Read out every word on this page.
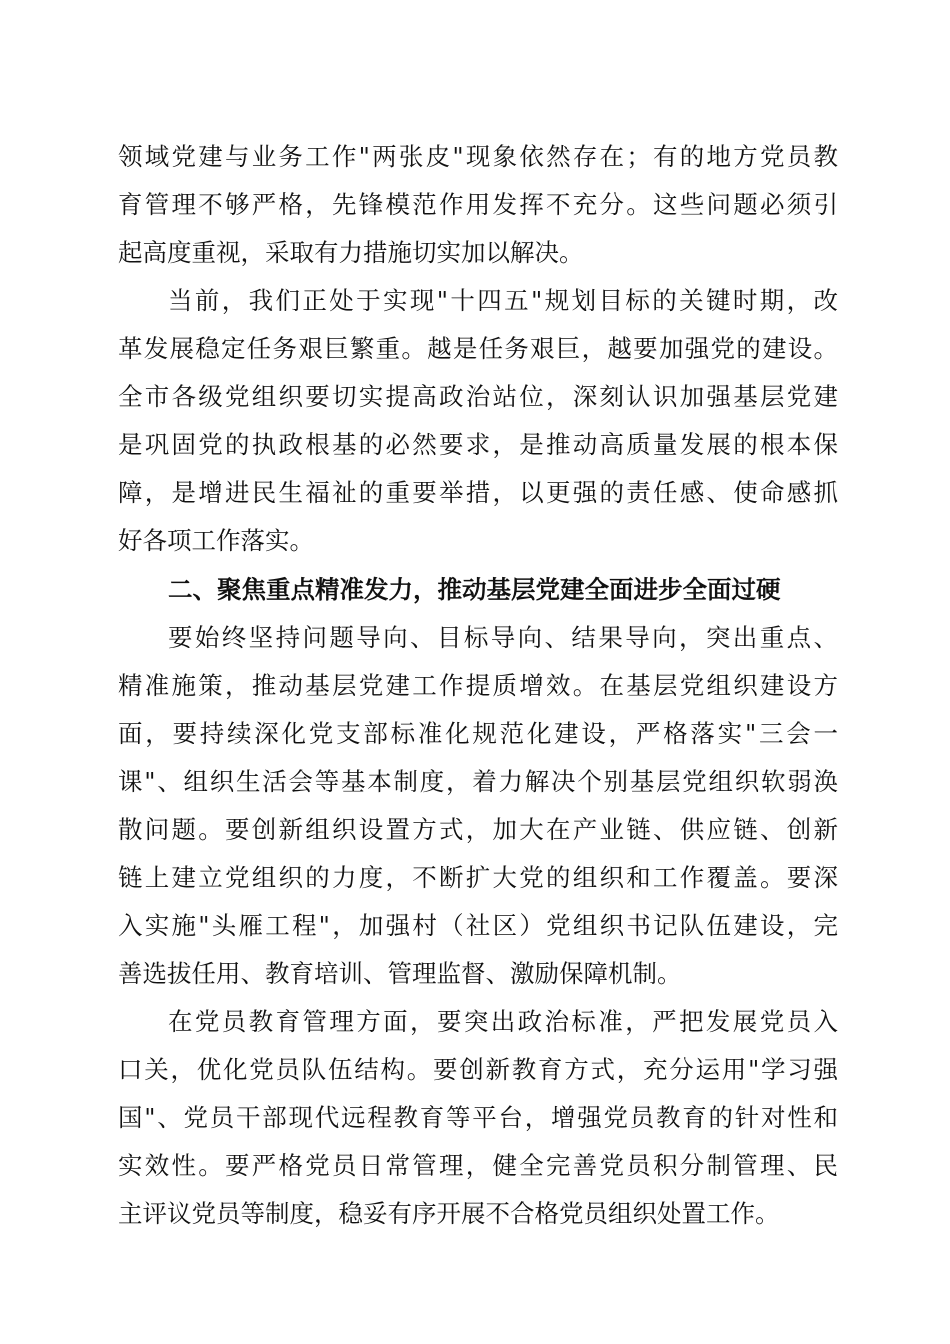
领域党建与业务工作"两张皮"现象依然存在；有的地方党员教
育管理不够严格，先锋模范作用发挥不充分。这些问题必须引
起高度重视，采取有力措施切实加以解决。
当前，我们正处于实现"十四五"规划目标的关键时期，改
革发展稳定任务艰巨繁重。越是任务艰巨，越要加强党的建设。
全市各级党组织要切实提高政治站位，深刻认识加强基层党建
是巩固党的执政根基的必然要求，是推动高质量发展的根本保
障，是增进民生福祉的重要举措，以更强的责任感、使命感抓
好各项工作落实。
二、聚焦重点精准发力，推动基层党建全面进步全面过硬
要始终坚持问题导向、目标导向、结果导向，突出重点、
精准施策，推动基层党建工作提质增效。在基层党组织建设方
面，要持续深化党支部标准化规范化建设，严格落实"三会一
课"、组织生活会等基本制度，着力解决个别基层党组织软弱涣
散问题。要创新组织设置方式，加大在产业链、供应链、创新
链上建立党组织的力度，不断扩大党的组织和工作覆盖。要深
入实施"头雁工程"，加强村（社区）党组织书记队伍建设，完
善选拔任用、教育培训、管理监督、激励保障机制。
在党员教育管理方面，要突出政治标准，严把发展党员入
口关，优化党员队伍结构。要创新教育方式，充分运用"学习强
国"、党员干部现代远程教育等平台，增强党员教育的针对性和
实效性。要严格党员日常管理，健全完善党员积分制管理、民
主评议党员等制度，稳妥有序开展不合格党员组织处置工作。
